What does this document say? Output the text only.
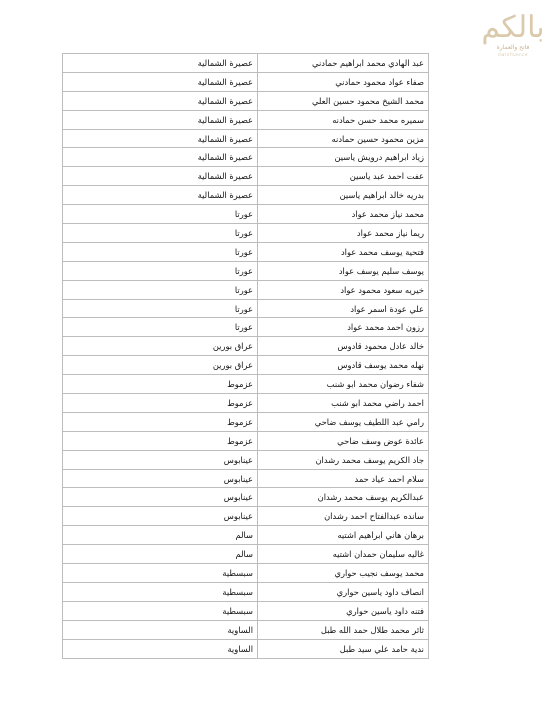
بالكم
فاتح والعمارة
dwinfluence
عبد الهادي محمد ابراهيم حمادني	عصيرة الشمالية
صفاء عواد محمود حمادني	عصيرة الشمالية
محمد الشيخ محمود حسين العلي	عصيرة الشمالية
سميره محمد حسن حمادنه	عصيرة الشمالية
مزين محمود حسين حمادنه	عصيرة الشمالية
زياد ابراهيم درويش ياسين	عصيرة الشمالية
عفت احمد عبد ياسين	عصيرة الشمالية
بدريه خالد ابراهيم ياسين	عصيرة الشمالية
محمد نياز محمد عواد	عورتا
ريما نياز محمد عواد	عورتا
فتحية يوسف محمد عواد	عورتا
يوسف سليم يوسف عواد	عورتا
خيريه سعود محمود عواد	عورتا
علي عودة اسمر عواد	عورتا
رزون احمد محمد عواد	عورتا
خالد عادل محمود قادوس	عراق بورين
نهله محمد يوسف قادوس	عراق بورين
شفاء رضوان محمد ابو شنب	عزموط
احمد راضي محمد ابو شنب	عزموط
رامي عبد اللطيف يوسف ضاحي	عزموط
عائدة عوض وسف ضاحي	عزموط
جاد الكريم يوسف محمد رشدان	عينابوس
سلام احمد عياد حمد	عينابوس
عبدالكريم يوسف محمد رشدان	عينابوس
سانده عبدالفتاح احمد رشدان	عينابوس
برهان هاني ابراهيم اشتيه	سالم
غاليه سليمان حمدان اشتيه	سالم
محمد يوسف نجيب حواري	سبسطية
انصاف داود ياسين حواري	سبسطية
فتنه داود ياسين حواري	سبسطية
ثائر محمد طلال حمد الله طبل	الساوية
ندية حامد علي سيد طبل	الساوية
